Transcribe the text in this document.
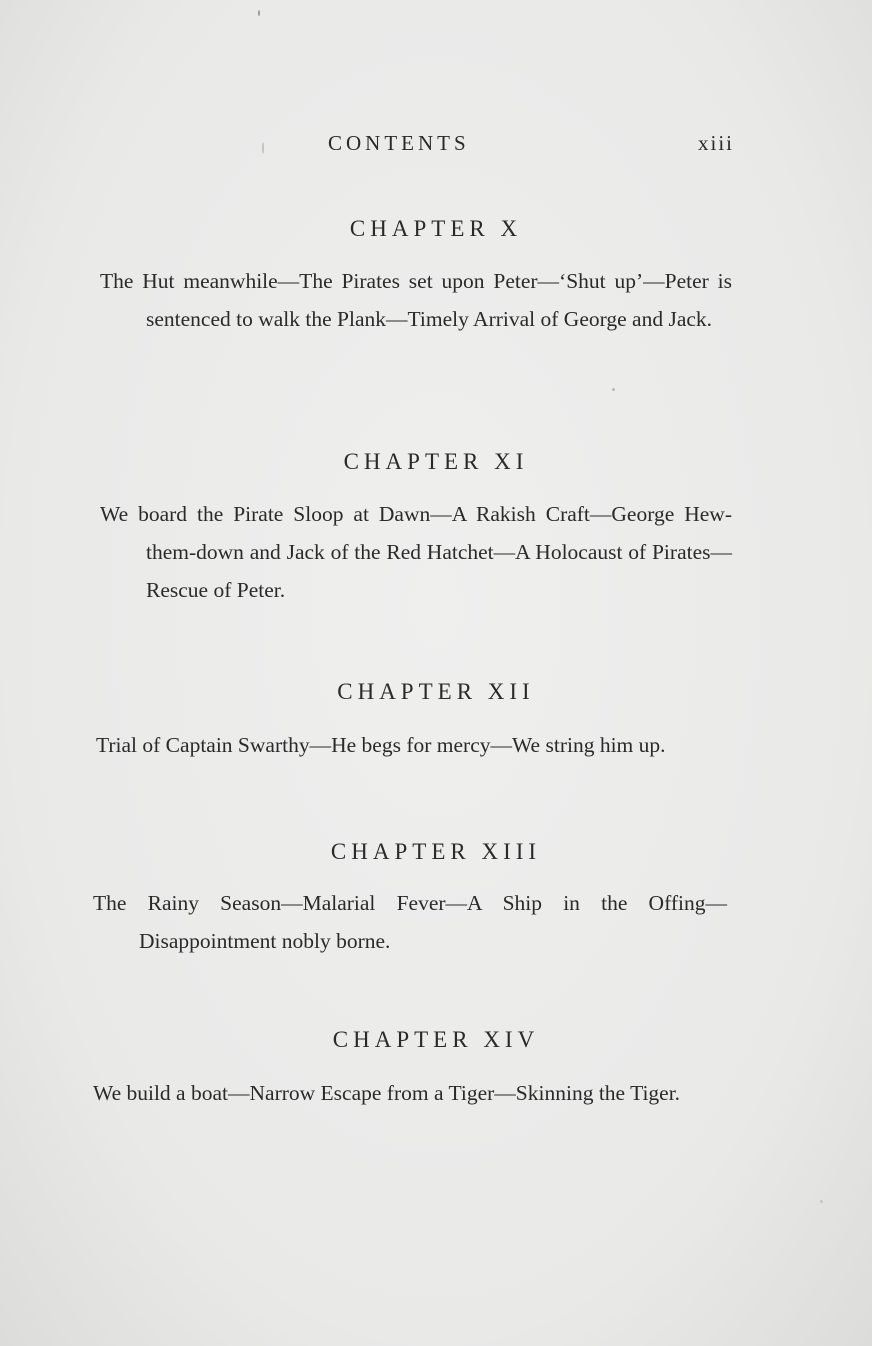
CONTENTS	xiii
CHAPTER X
The Hut meanwhile—The Pirates set upon Peter—‘Shut up’—Peter is sentenced to walk the Plank—Timely Arrival of George and Jack.
CHAPTER XI
We board the Pirate Sloop at Dawn—A Rakish Craft—George Hew-them-down and Jack of the Red Hatchet—A Holocaust of Pirates—Rescue of Peter.
CHAPTER XII
Trial of Captain Swarthy—He begs for mercy—We string him up.
CHAPTER XIII
The Rainy Season—Malarial Fever—A Ship in the Offing—Disappointment nobly borne.
CHAPTER XIV
We build a boat—Narrow Escape from a Tiger—Skinning the Tiger.
